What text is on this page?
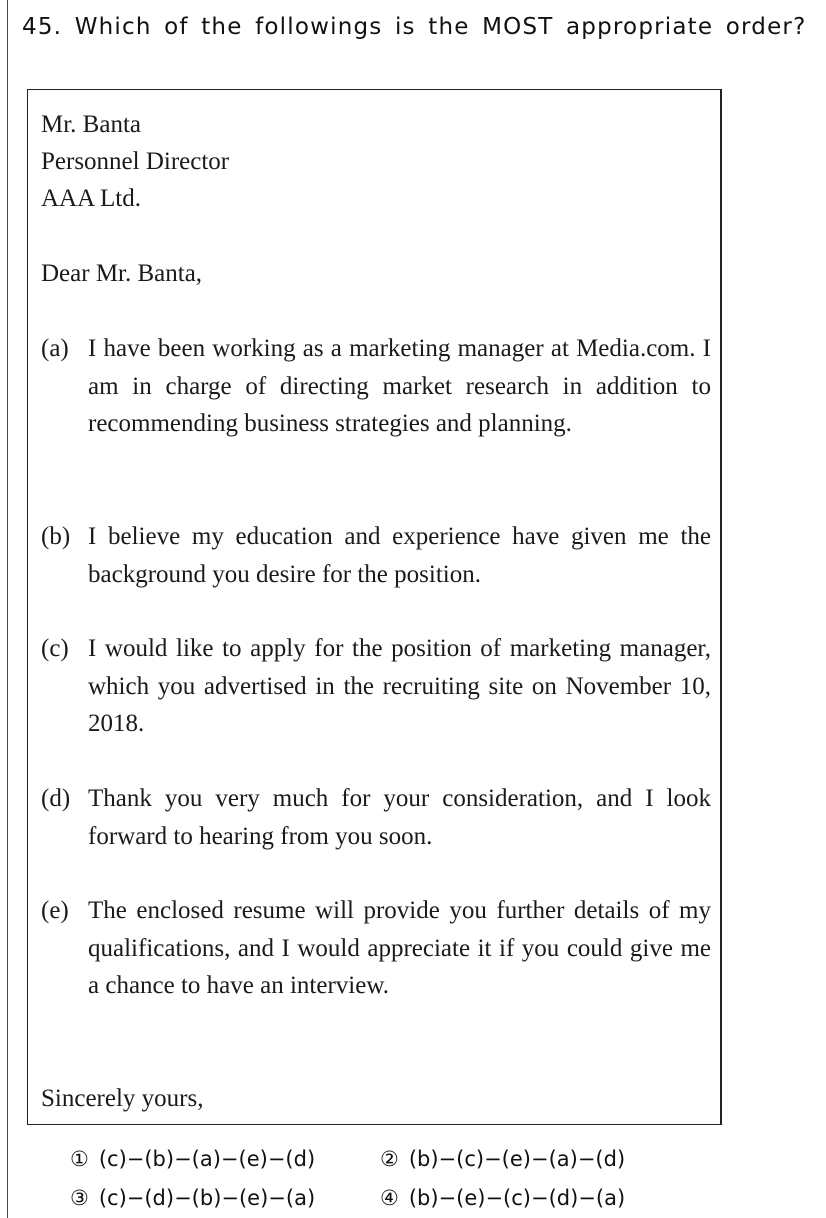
45. Which of the followings is the MOST appropriate order?
Mr. Banta
Personnel Director
AAA Ltd.
Dear Mr. Banta,
(a) I have been working as a marketing manager at Media.com. I am in charge of directing market research in addition to recommending business strategies and planning.
(b) I believe my education and experience have given me the background you desire for the position.
(c) I would like to apply for the position of marketing manager, which you advertised in the recruiting site on November 10, 2018.
(d) Thank you very much for your consideration, and I look forward to hearing from you soon.
(e) The enclosed resume will provide you further details of my qualifications, and I would appreciate it if you could give me a chance to have an interview.
Sincerely yours,
① (c)−(b)−(a)−(e)−(d)	② (b)−(c)−(e)−(a)−(d)
③ (c)−(d)−(b)−(e)−(a)	④ (b)−(e)−(c)−(d)−(a)
